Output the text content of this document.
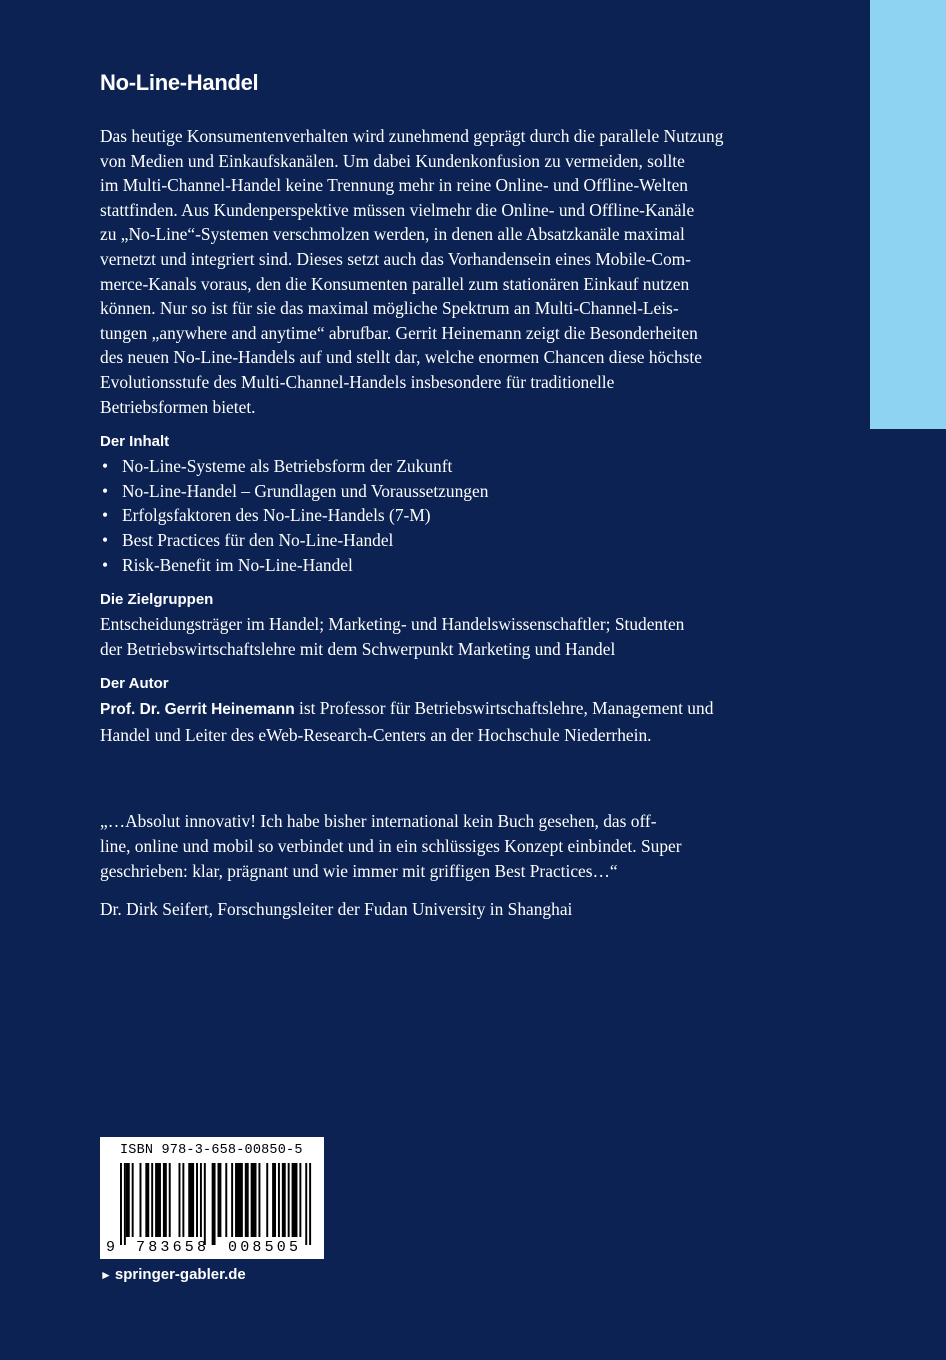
No-Line-Handel

Das heutige Konsumentenverhalten wird zunehmend geprägt durch die parallele Nutzung

von Medien und Einkaufskanälen. Um dabei Kundenkonfusion zu vermeiden, sollte

im Multi-Channel-Handel keine Trennung mehr in reine Online- und Offline-Welten

stattfinden. Aus Kundenperspektive müssen vielmehr die Online- und Offline-Kanäle

zu „No-Line“-Systemen verschmolzen werden, in denen alle Absatzkanäle maximal

vernetzt und integriert sind. Dieses setzt auch das Vorhandensein eines Mobile-Com-

merce-Kanals voraus, den die Konsumenten parallel zum stationären Einkauf nutzen

können. Nur so ist für sie das maximal mögliche Spektrum an Multi-Channel-Leis-

tungen „anywhere and anytime“ abrufbar. Gerrit Heinemann zeigt die Besonderheiten

des neuen No-Line-Handels auf und stellt dar, welche enormen Chancen diese höchste

Evolutionsstufe des Multi-Channel-Handels insbesondere für traditionelle

Betriebsformen bietet.

Der Inhalt
• No-Line-Systeme als Betriebsform der Zukunft
• No-Line-Handel – Grundlagen und Voraussetzungen
• Erfolgsfaktoren des No-Line-Handels (7-M)
• Best Practices für den No-Line-Handel
• Risk-Benefit im No-Line-Handel
Die Zielgruppen
Entscheidungsträger im Handel; Marketing- und Handelswissenschaftler; Studenten
der Betriebswirtschaftslehre mit dem Schwerpunkt Marketing und Handel
Der Autor
Prof. Dr. Gerrit Heinemann ist Professor für Betriebswirtschaftslehre, Management und
Handel und Leiter des eWeb-Research-Centers an der Hochschule Niederrhein.

„…Absolut innovativ! Ich habe bisher international kein Buch gesehen, das off-

line, online und mobil so verbindet und in ein schlüssiges Konzept einbindet. Super

geschrieben: klar, prägnant und wie immer mit griffigen Best Practices…“

Dr. Dirk Seifert, Forschungsleiter der Fudan University in Shanghai
ISBN 978-3-658-00850-5
9 783658 008505
► springer-gabler.de
